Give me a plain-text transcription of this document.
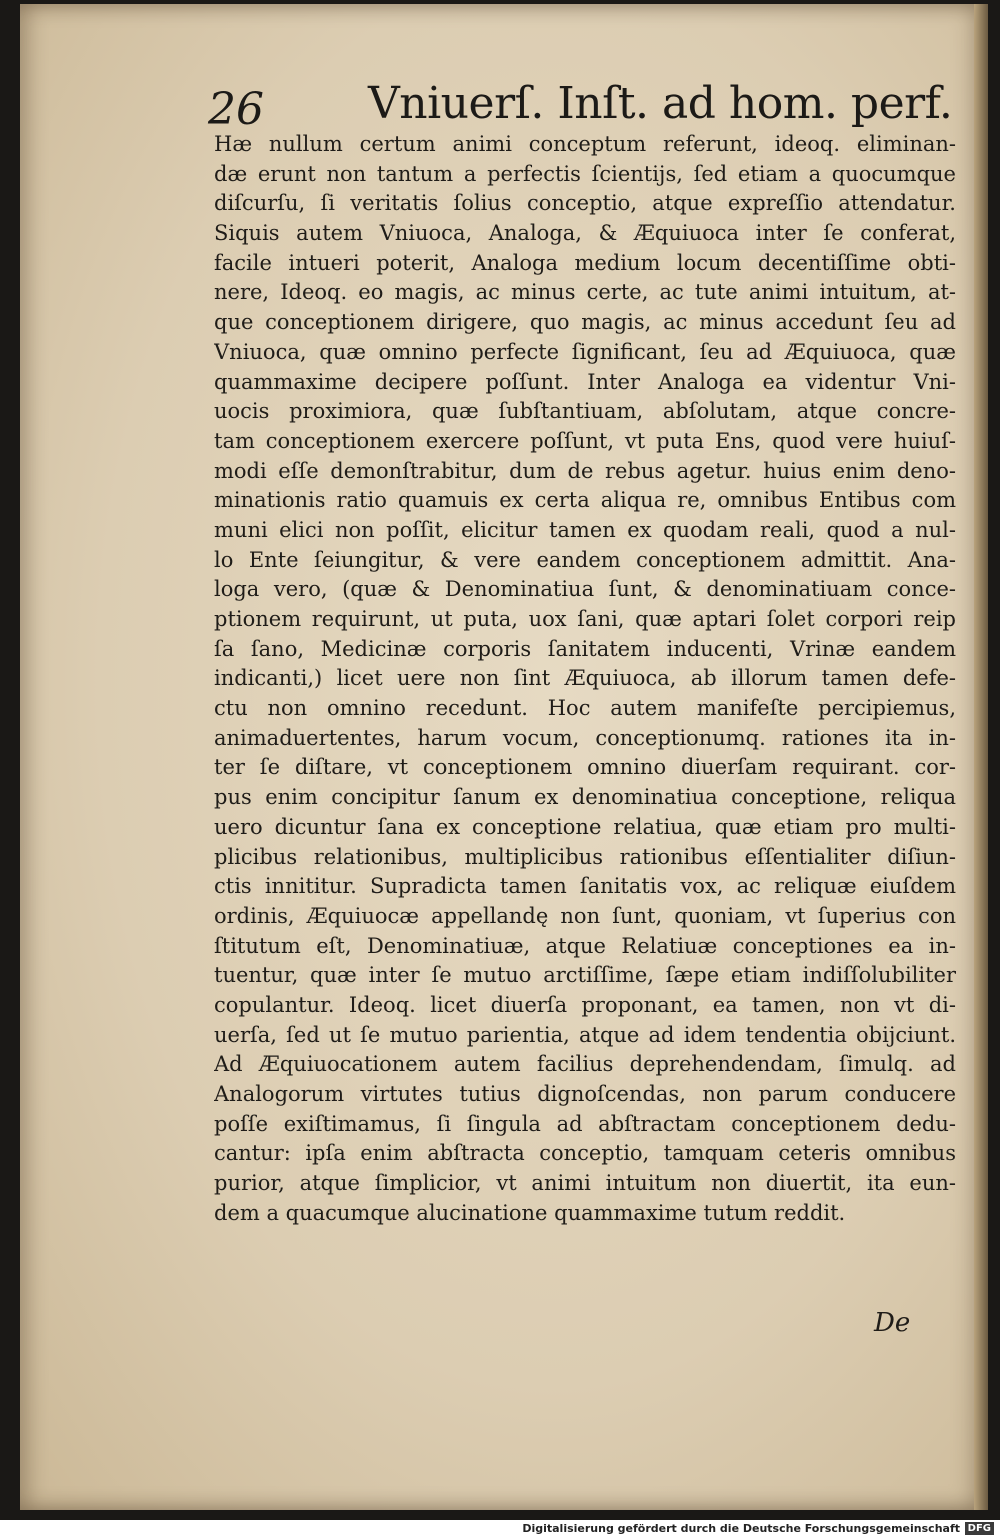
26 Vniuerſ. Inſt. ad hom. perf.
Hæ nullum certum animi conceptum referunt, ideoq. eliminan-
dæ erunt non tantum a perfectis ſcientijs, ſed etiam a quocumque
diſcurſu, ſi veritatis ſolius conceptio, atque expreſſio attendatur.
Siquis autem Vniuoca, Analoga, & Æquiuoca inter ſe conferat,
facile intueri poterit, Analoga medium locum decentiſſime obti-
nere, Ideoq. eo magis, ac minus certe, ac tute animi intuitum, at-
que conceptionem dirigere, quo magis, ac minus accedunt ſeu ad
Vniuoca, quæ omnino perfecte ſignificant, ſeu ad Æquiuoca, quæ
quammaxime decipere poſſunt. Inter Analoga ea videntur Vni-
uocis proximiora, quæ ſubſtantiuam, abſolutam, atque concre-
tam conceptionem exercere poſſunt, vt puta Ens, quod vere huiuſ-
modi eſſe demonſtrabitur, dum de rebus agetur. huius enim deno-
minationis ratio quamuis ex certa aliqua re, omnibus Entibus com
muni elici non poſſit, elicitur tamen ex quodam reali, quod a nul-
lo Ente ſeiungitur, & vere eandem conceptionem admittit. Ana-
loga vero, (quæ & Denominatiua ſunt, & denominatiuam conce-
ptionem requirunt, ut puta, uox ſani, quæ aptari ſolet corpori reip
ſa ſano, Medicinæ corporis ſanitatem inducenti, Vrinæ eandem
indicanti,) licet uere non ſint Æquiuoca, ab illorum tamen defe-
ctu non omnino recedunt. Hoc autem manifeſte percipiemus,
animaduertentes, harum vocum, conceptionumq. rationes ita in-
ter ſe diſtare, vt conceptionem omnino diuerſam requirant. cor-
pus enim concipitur ſanum ex denominatiua conceptione, reliqua
uero dicuntur ſana ex conceptione relatiua, quæ etiam pro multi-
plicibus relationibus, multiplicibus rationibus eſſentialiter diſiun-
ctis innititur. Supradicta tamen ſanitatis vox, ac reliquæ eiuſdem
ordinis, Æquiuocæ appellandę non ſunt, quoniam, vt ſuperius con
ſtitutum eſt, Denominatiuæ, atque Relatiuæ conceptiones ea in-
tuentur, quæ inter ſe mutuo arctiſſime, ſæpe etiam indiſſolubiliter
copulantur. Ideoq. licet diuerſa proponant, ea tamen, non vt di-
uerſa, ſed ut ſe mutuo parientia, atque ad idem tendentia obijciunt.
Ad Æquiuocationem autem facilius deprehendendam, ſimulq. ad
Analogorum virtutes tutius dignoſcendas, non parum conducere
poſſe exiſtimamus, ſi ſingula ad abſtractam conceptionem dedu-
cantur: ipſa enim abſtracta conceptio, tamquam ceteris omnibus
purior, atque ſimplicior, vt animi intuitum non diuertit, ita eun-
dem a quacumque alucinatione quammaxime tutum reddit.
De
Digitalisierung gefördert durch die Deutsche Forschungsgemeinschaft DFG
